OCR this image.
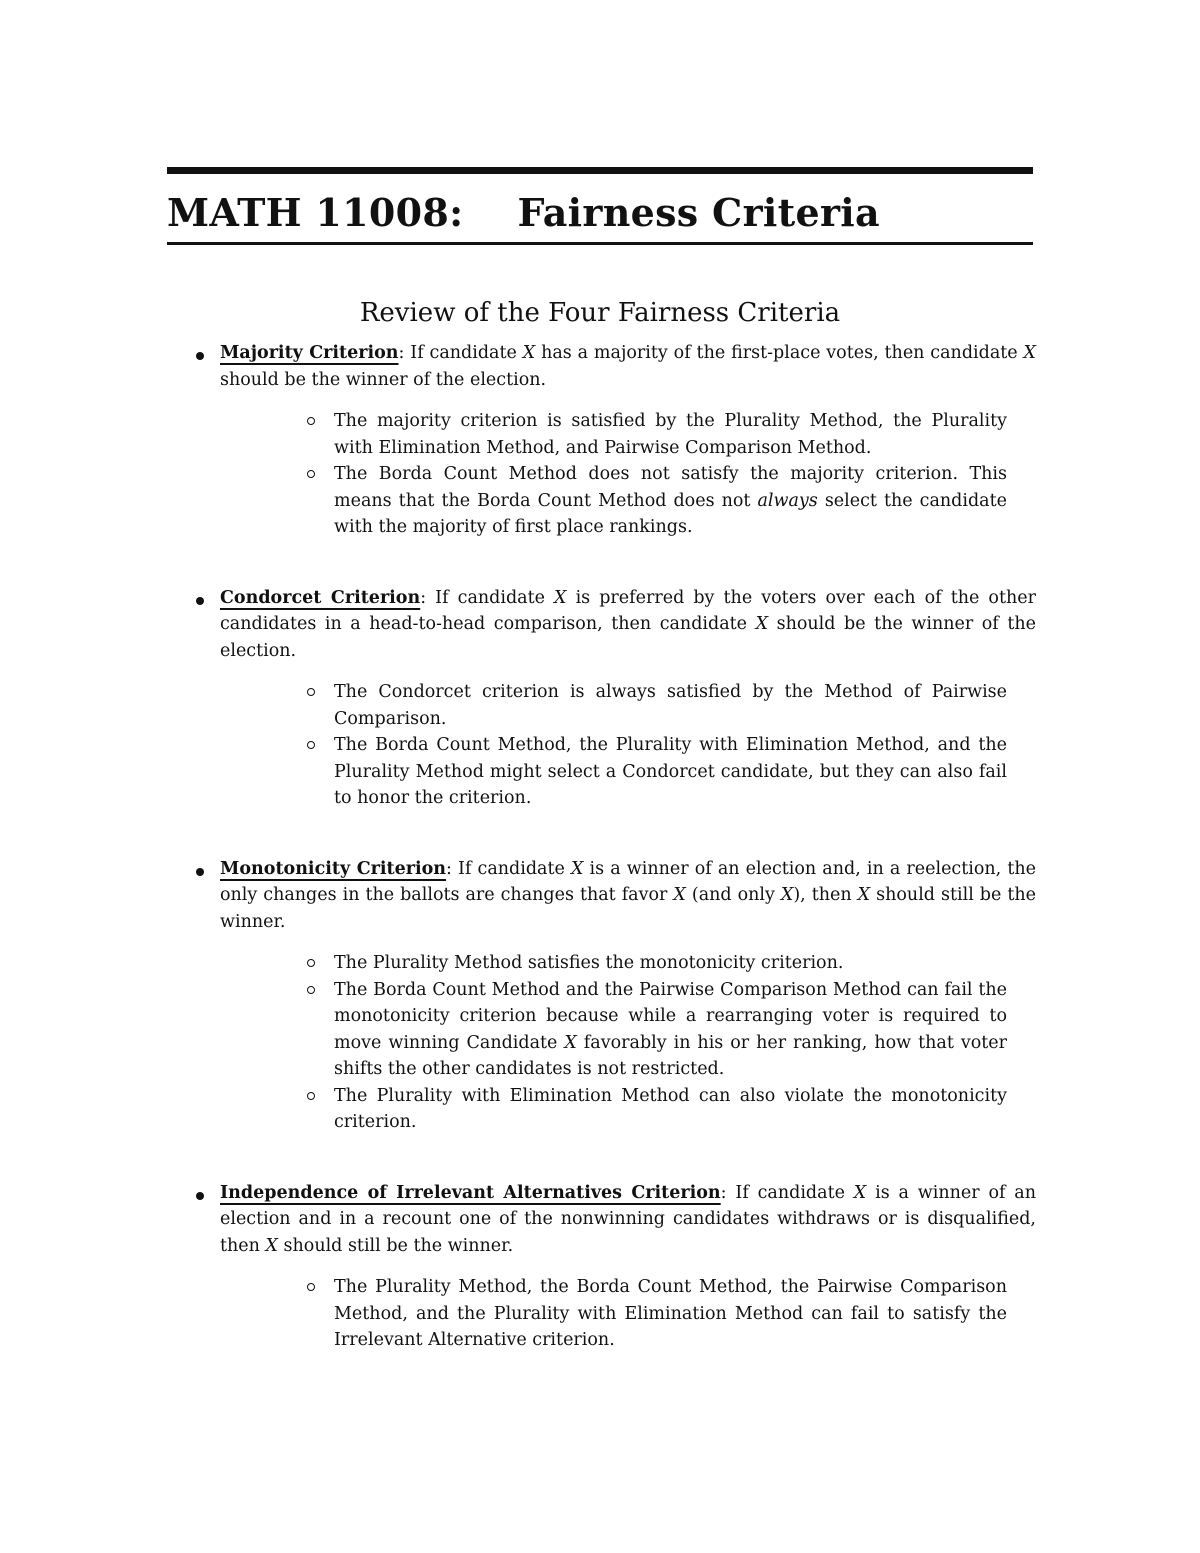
MATH 11008:    Fairness Criteria
Review of the Four Fairness Criteria
Majority Criterion: If candidate X has a majority of the first-place votes, then candidate X should be the winner of the election.
The majority criterion is satisfied by the Plurality Method, the Plurality with Elimination Method, and Pairwise Comparison Method.
The Borda Count Method does not satisfy the majority criterion. This means that the Borda Count Method does not always select the candidate with the majority of first place rankings.
Condorcet Criterion: If candidate X is preferred by the voters over each of the other candidates in a head-to-head comparison, then candidate X should be the winner of the election.
The Condorcet criterion is always satisfied by the Method of Pairwise Comparison.
The Borda Count Method, the Plurality with Elimination Method, and the Plurality Method might select a Condorcet candidate, but they can also fail to honor the criterion.
Monotonicity Criterion: If candidate X is a winner of an election and, in a reelection, the only changes in the ballots are changes that favor X (and only X), then X should still be the winner.
The Plurality Method satisfies the monotonicity criterion.
The Borda Count Method and the Pairwise Comparison Method can fail the monotonicity criterion because while a rearranging voter is required to move winning Candidate X favorably in his or her ranking, how that voter shifts the other candidates is not restricted.
The Plurality with Elimination Method can also violate the monotonicity criterion.
Independence of Irrelevant Alternatives Criterion: If candidate X is a winner of an election and in a recount one of the nonwinning candidates withdraws or is disqualified, then X should still be the winner.
The Plurality Method, the Borda Count Method, the Pairwise Comparison Method, and the Plurality with Elimination Method can fail to satisfy the Irrelevant Alternative criterion.
